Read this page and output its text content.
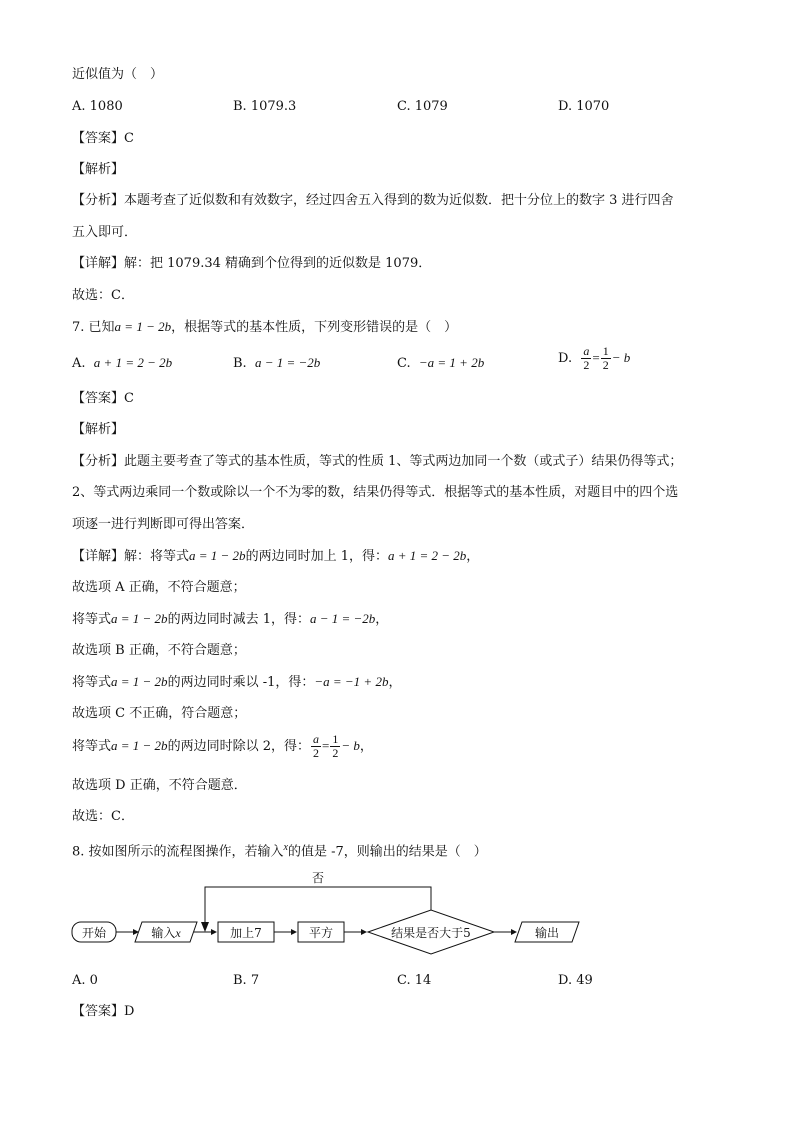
近似值为（　）
A. 1080	B. 1079.3	C. 1079	D. 1070
【答案】C
【解析】
【分析】本题考查了近似数和有效数字，经过四舍五入得到的数为近似数．把十分位上的数字 3 进行四舍
五入即可．
【详解】解：把 1079.34 精确到个位得到的近似数是 1079．
故选：C．
7. 已知a = 1 − 2b，根据等式的基本性质，下列变形错误的是（　）
A. a + 1 = 2 − 2b	B. a − 1 = −2b	C. −a = 1 + 2b	D. $\frac{a}{2} = \frac{1}{2} - b$
【答案】C
【解析】
【分析】此题主要考查了等式的基本性质，等式的性质 1、等式两边加同一个数（或式子）结果仍得等式；
2、等式两边乘同一个数或除以一个不为零的数，结果仍得等式．根据等式的基本性质，对题目中的四个选
项逐一进行判断即可得出答案．
【详解】解：将等式a = 1 − 2b的两边同时加上 1，得：a + 1 = 2 − 2b，
故选项 A 正确，不符合题意；
将等式a = 1 − 2b的两边同时减去 1，得：a − 1 = −2b，
故选项 B 正确，不符合题意；
将等式a = 1 − 2b的两边同时乘以 -1，得：−a = −1 + 2b，
故选项 C 不正确，符合题意；
将等式a = 1 − 2b的两边同时除以 2，得： $\frac{a}{2} = \frac{1}{2} - b$，
故选项 D 正确，不符合题意．
故选：C．
8. 按如图所示的流程图操作，若输入$^x$的值是 -7，则输出的结果是（　）
否
开始	输入x	加上7	平方	结果是否大于5	输出
A. 0	B. 7	C. 14	D. 49
【答案】D
